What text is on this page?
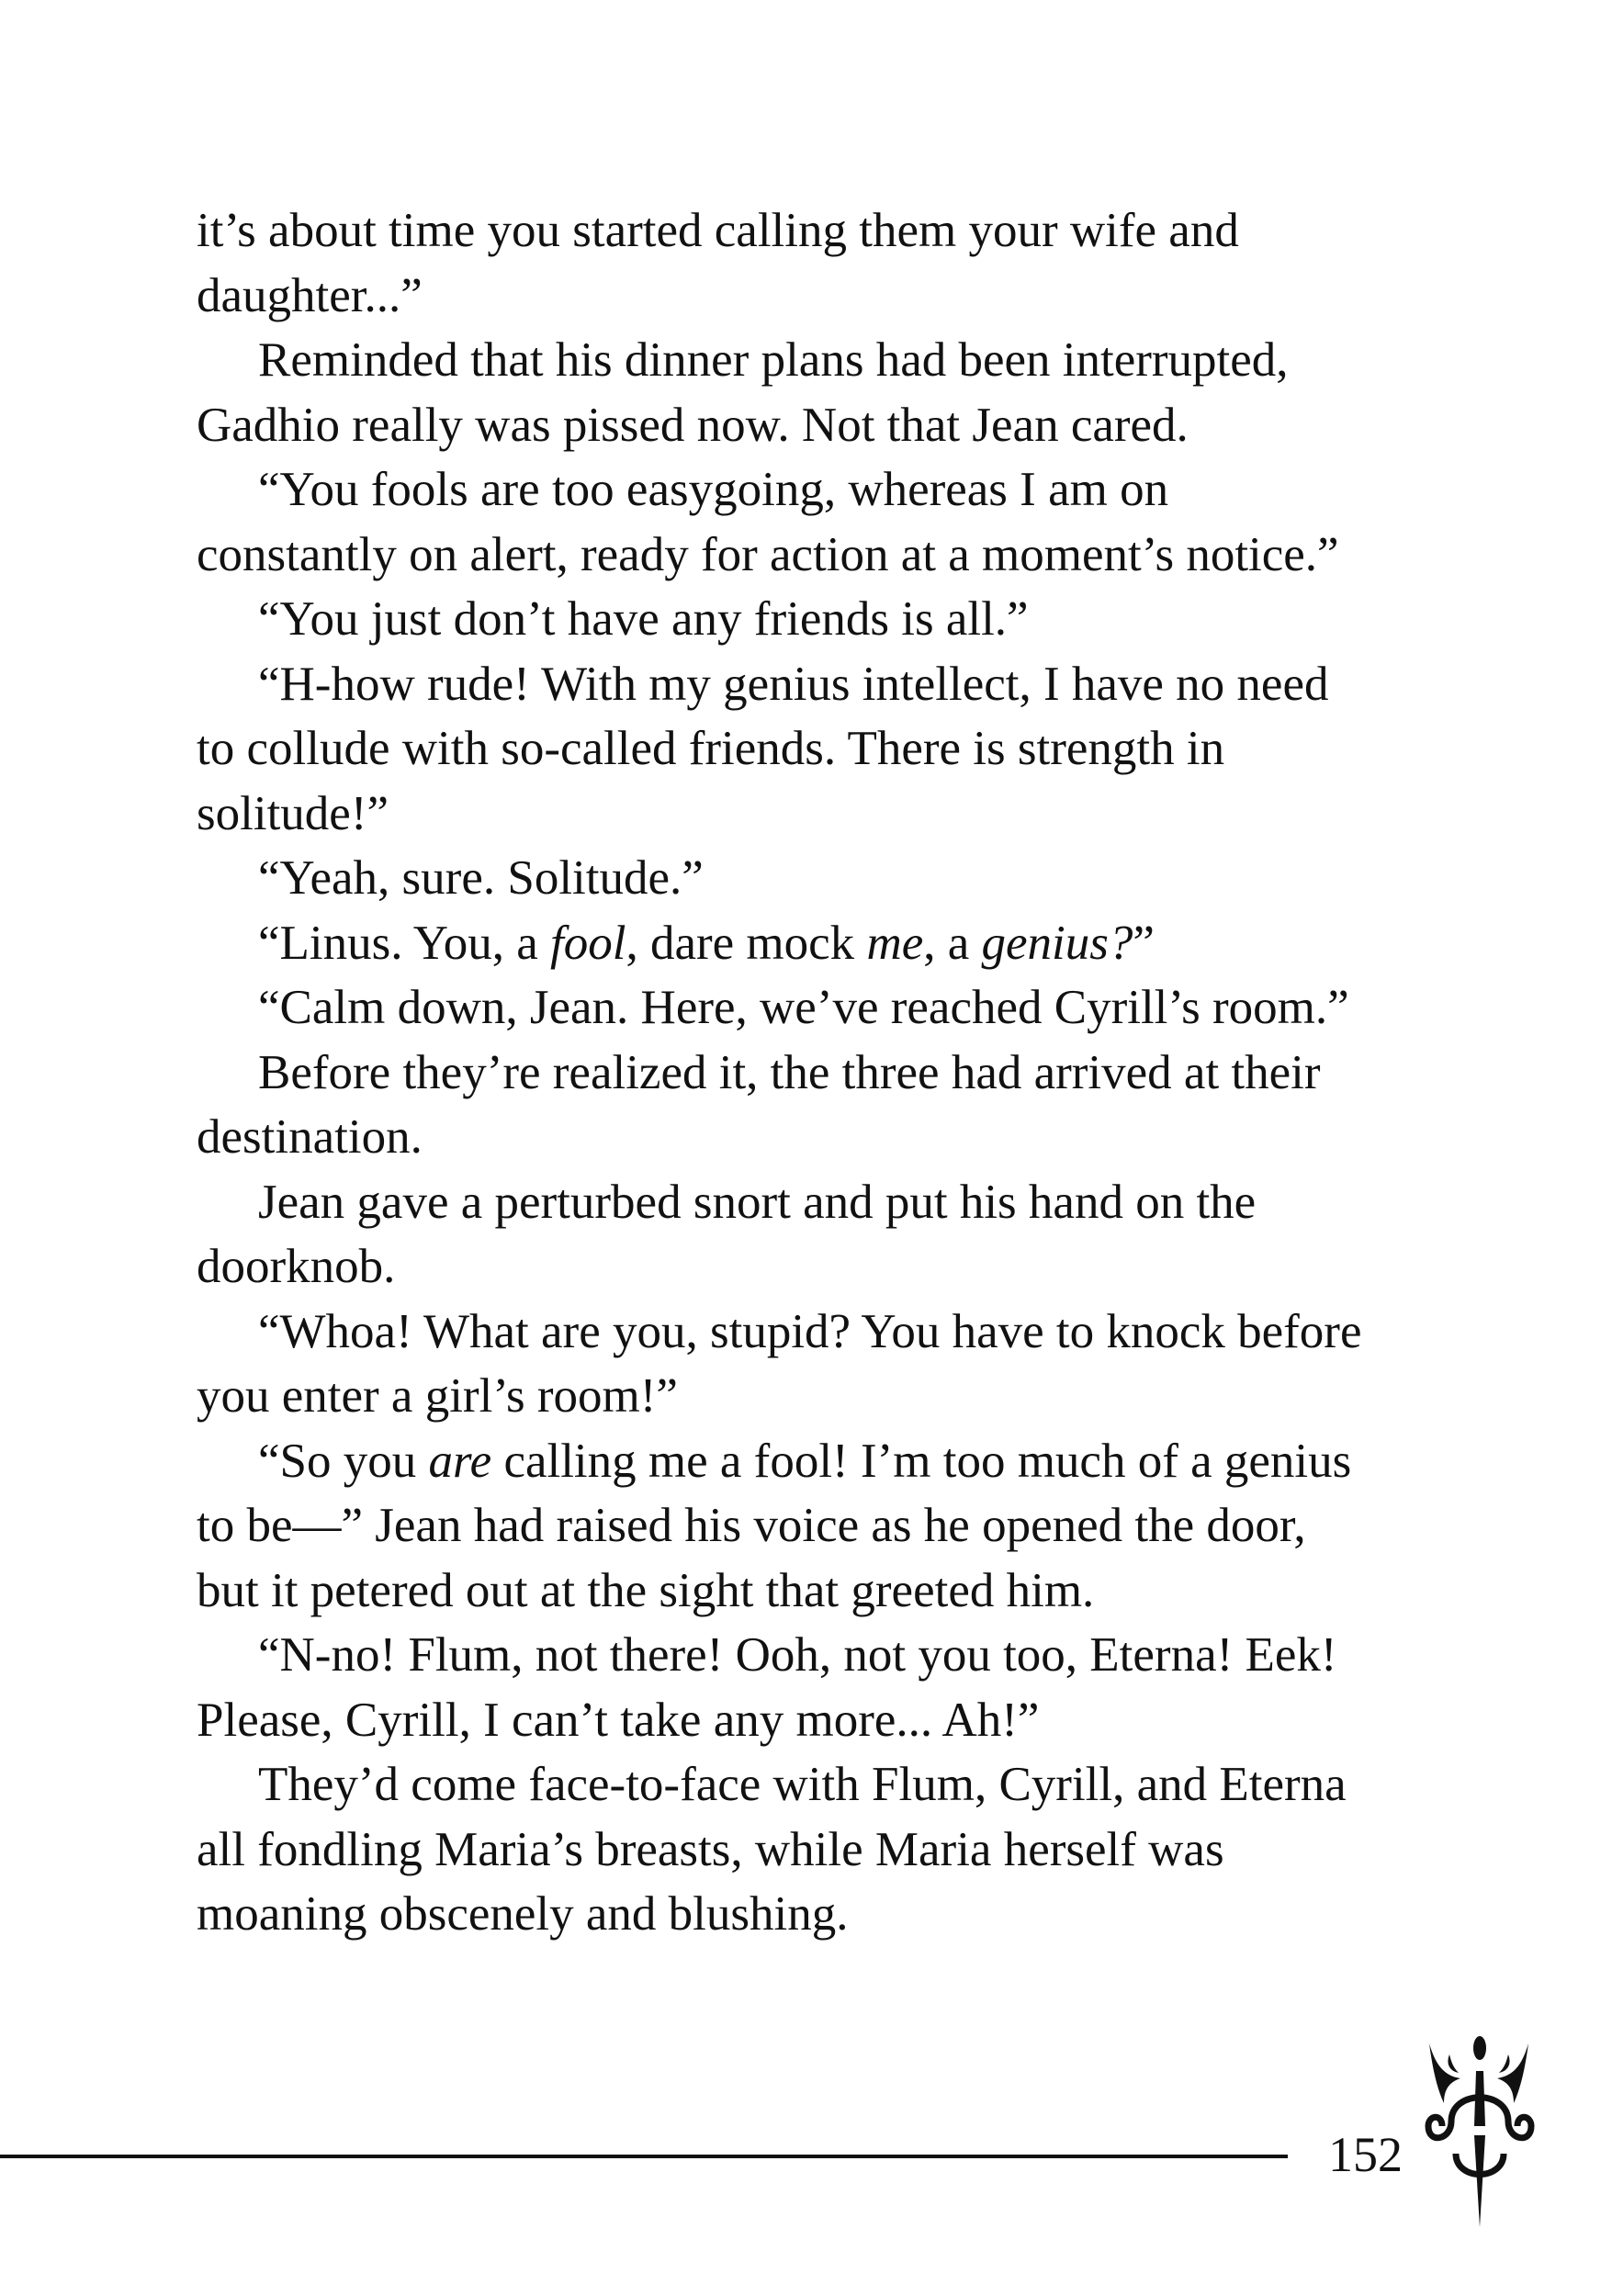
it’s about time you started calling them your wife and
daughter...”
Reminded that his dinner plans had been interrupted,
Gadhio really was pissed now. Not that Jean cared.
“You fools are too easygoing, whereas I am on
constantly on alert, ready for action at a moment’s notice.”
“You just don’t have any friends is all.”
“H-how rude! With my genius intellect, I have no need
to collude with so-called friends. There is strength in
solitude!”
“Yeah, sure. Solitude.”
“Linus. You, a fool, dare mock me, a genius?”
“Calm down, Jean. Here, we’ve reached Cyrill’s room.”
Before they’re realized it, the three had arrived at their
destination.
Jean gave a perturbed snort and put his hand on the
doorknob.
“Whoa! What are you, stupid? You have to knock before
you enter a girl’s room!”
“So you are calling me a fool! I’m too much of a genius
to be—” Jean had raised his voice as he opened the door,
but it petered out at the sight that greeted him.
“N-no! Flum, not there! Ooh, not you too, Eterna! Eek!
Please, Cyrill, I can’t take any more... Ah!”
They’d come face-to-face with Flum, Cyrill, and Eterna
all fondling Maria’s breasts, while Maria herself was
moaning obscenely and blushing.
152
